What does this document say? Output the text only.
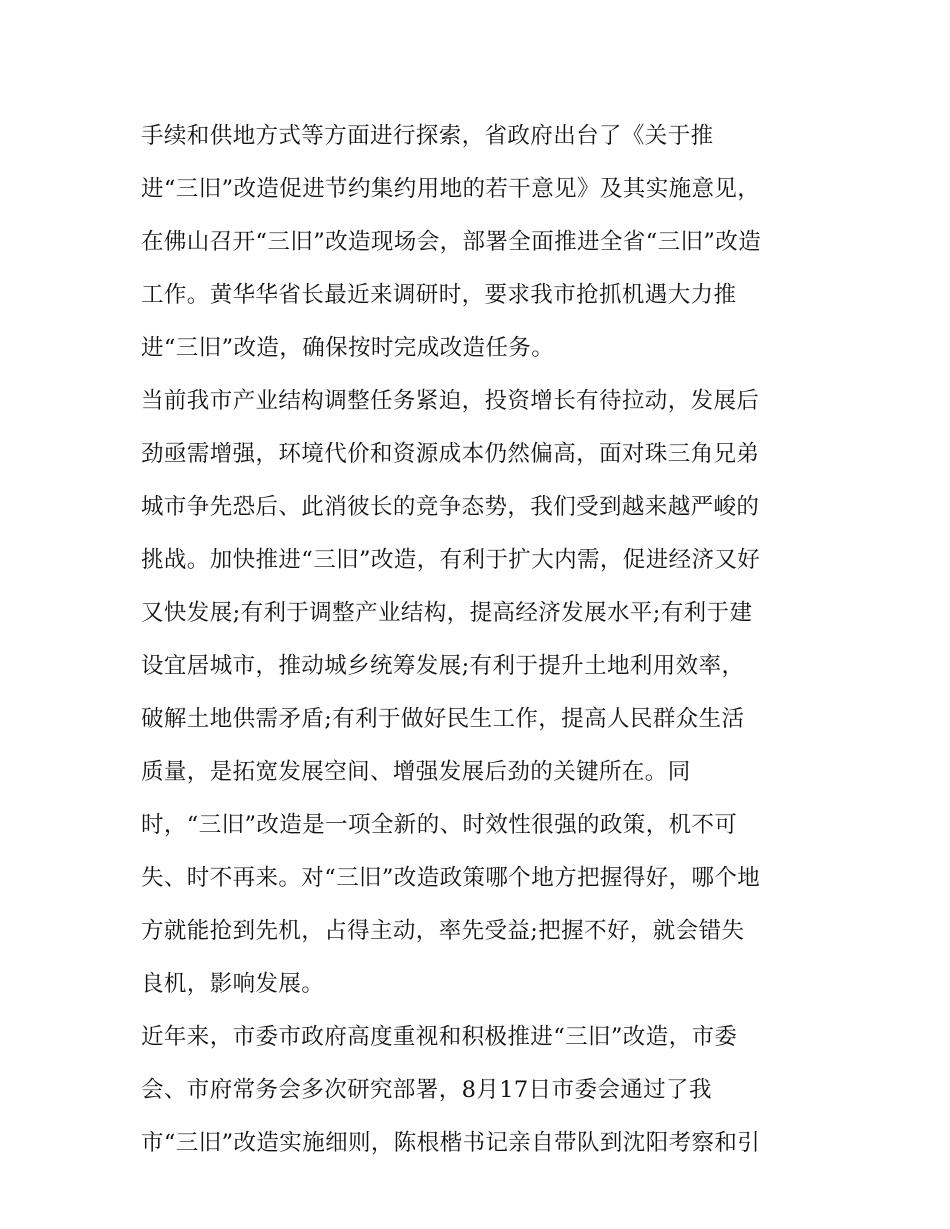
手续和供地方式等方面进行探索，省政府出台了《关于推
进“三旧”改造促进节约集约用地的若干意见》及其实施意见，
在佛山召开“三旧”改造现场会，部署全面推进全省“三旧”改造
工作。黄华华省长最近来调研时，要求我市抢抓机遇大力推
进“三旧”改造，确保按时完成改造任务。
当前我市产业结构调整任务紧迫，投资增长有待拉动，发展后
劲亟需增强，环境代价和资源成本仍然偏高，面对珠三角兄弟
城市争先恐后、此消彼长的竞争态势，我们受到越来越严峻的
挑战。加快推进“三旧”改造，有利于扩大内需，促进经济又好
又快发展;有利于调整产业结构，提高经济发展水平;有利于建
设宜居城市，推动城乡统筹发展;有利于提升土地利用效率，
破解土地供需矛盾;有利于做好民生工作，提高人民群众生活
质量，是拓宽发展空间、增强发展后劲的关键所在。同
时，“三旧”改造是一项全新的、时效性很强的政策，机不可
失、时不再来。对“三旧”改造政策哪个地方把握得好，哪个地
方就能抢到先机，占得主动，率先受益;把握不好，就会错失
良机，影响发展。
近年来，市委市政府高度重视和积极推进“三旧”改造，市委
会、市府常务会多次研究部署，8月17日市委会通过了我
市“三旧”改造实施细则，陈根楷书记亲自带队到沈阳考察和引
